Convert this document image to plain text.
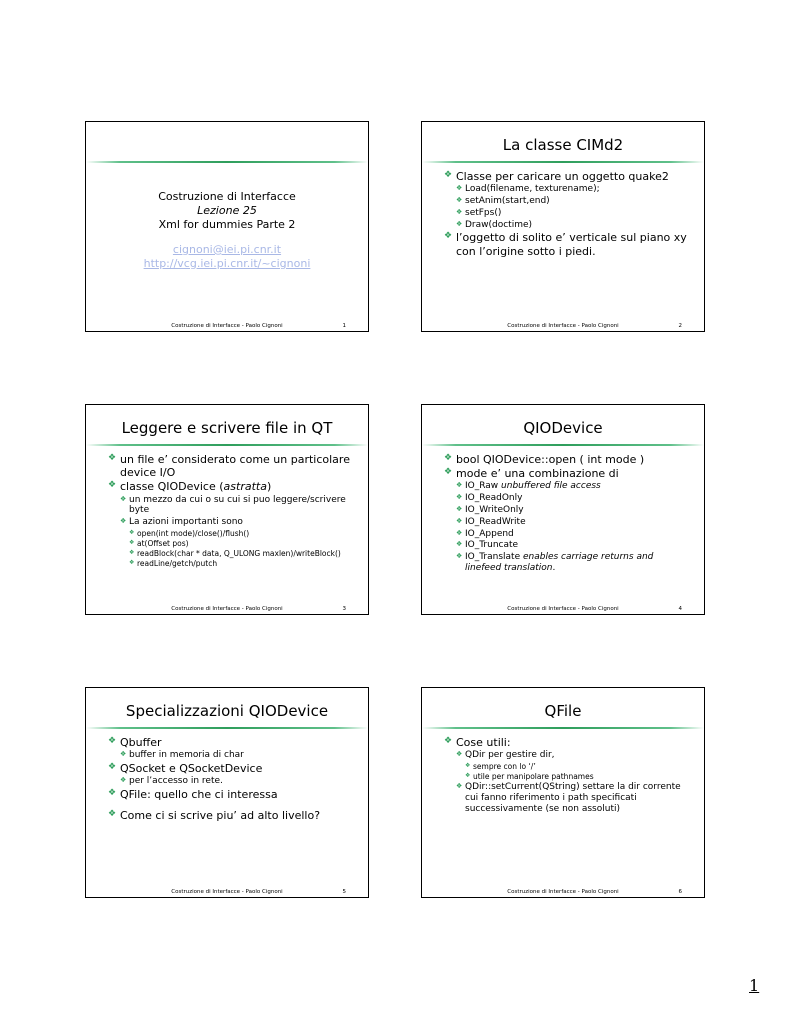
Costruzione di Interfacce
Lezione 25
Xml for dummies Parte 2
cignoni@iei.pi.cnr.it
http://vcg.iei.pi.cnr.it/~cignoni
Costruzione di Interfacce - Paolo Cignoni	1
La classe CIMd2
❖ Classe per caricare un oggetto quake2
❖ Load(filename, texturename);
❖ setAnim(start,end)
❖ setFps()
❖ Draw(doctime)
❖ l’oggetto di solito e’ verticale sul piano xy con l’origine sotto i piedi.
Costruzione di Interfacce - Paolo Cignoni	2
Leggere e scrivere file in QT
❖ un file e’ considerato come un particolare device I/O
❖ classe QIODevice (astratta)
❖ un mezzo da cui o su cui si puo leggere/scrivere byte
❖ La azioni importanti sono
❖ open(int mode)/close()/flush()
❖ at(Offset pos)
❖ readBlock(char * data, Q_ULONG maxlen)/writeBlock()
❖ readLine/getch/putch
Costruzione di Interfacce - Paolo Cignoni	3
QIODevice
❖ bool QIODevice::open ( int mode )
❖ mode e’ una combinazione di
❖ IO_Raw unbuffered file access
❖ IO_ReadOnly
❖ IO_WriteOnly
❖ IO_ReadWrite
❖ IO_Append
❖ IO_Truncate
❖ IO_Translate enables carriage returns and linefeed translation.
Costruzione di Interfacce - Paolo Cignoni	4
Specializzazioni QIODevice
❖ Qbuffer
❖ buffer in memoria di char
❖ QSocket e QSocketDevice
❖ per l’accesso in rete.
❖ QFile: quello che ci interessa
❖ Come ci si scrive piu’ ad alto livello?
Costruzione di Interfacce - Paolo Cignoni	5
QFile
❖ Cose utili:
❖ QDir per gestire dir,
❖ sempre con lo ‘/’
❖ utile per manipolare pathnames
❖ QDir::setCurrent(QString) settare la dir corrente cui fanno riferimento i path specificati successivamente (se non assoluti)
Costruzione di Interfacce - Paolo Cignoni	6
1
